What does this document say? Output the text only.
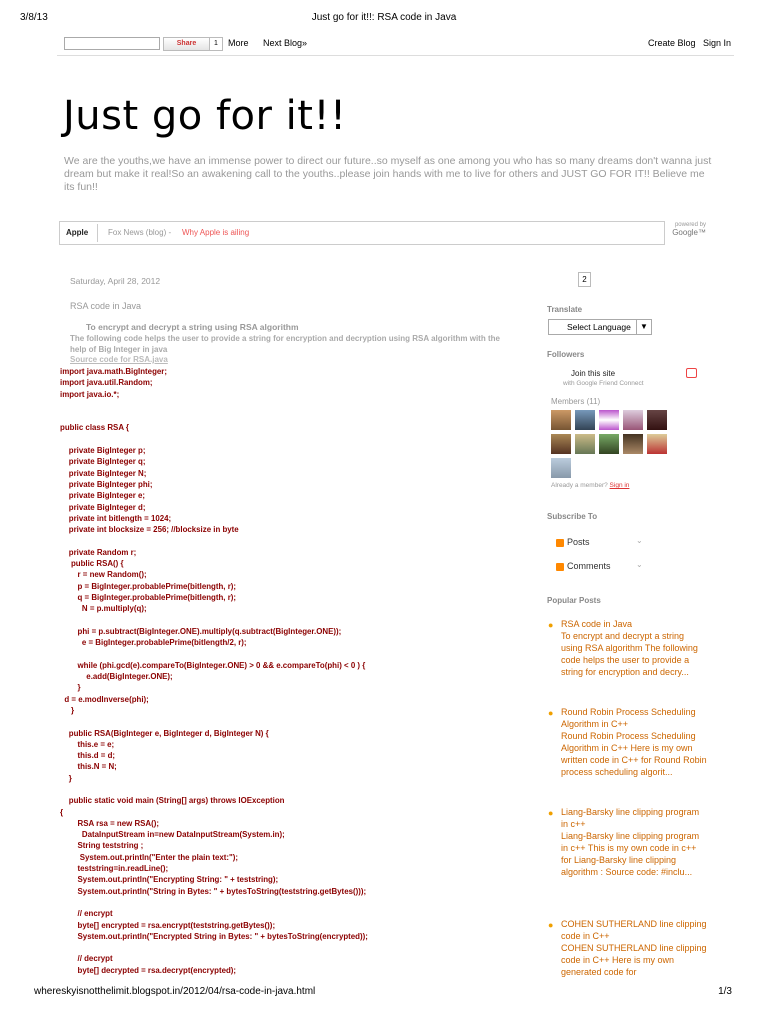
3/8/13	Just go for it!!: RSA code in Java
Share	1	More Next Blog»	Create Blog Sign In
Just go for it!!
We are the youths,we have an immense power to direct our future..so myself as one among you who has so many dreams don't wanna just dream but make it real!So an awakening call to the youths..please join hands with me to live for others and JUST GO FOR IT!! Believe me its fun!!
Apple Fox News (blog) - Why Apple is ailing
powered by
Google™
Saturday, April 28, 2012
RSA code in Java
To encrypt and decrypt a string using RSA algorithm
The following code helps the user to provide a string for encryption and decryption using RSA algorithm with the help of Big Integer in java
Source code for RSA.java
import java.math.BigInteger;
import java.util.Random;
import java.io.*;

public class RSA {

private BigInteger p;
private BigInteger q;
private BigInteger N;
private BigInteger phi;
private BigInteger e;
private BigInteger d;
private int bitlength = 1024;
private int blocksize = 256; //blocksize in byte

private Random r;
public RSA() {
r = new Random();
p = BigInteger.probablePrime(bitlength, r);
q = BigInteger.probablePrime(bitlength, r);
N = p.multiply(q);

phi = p.subtract(BigInteger.ONE).multiply(q.subtract(BigInteger.ONE));
e = BigInteger.probablePrime(bitlength/2, r);

while (phi.gcd(e).compareTo(BigInteger.ONE) > 0 && e.compareTo(phi) < 0 ) {
e.add(BigInteger.ONE);
}
d = e.modInverse(phi);
}

public RSA(BigInteger e, BigInteger d, BigInteger N) {
this.e = e;
this.d = d;
this.N = N;
}

public static void main (String[] args) throws IOException
{
RSA rsa = new RSA();
DataInputStream in=new DataInputStream(System.in);
String teststring ;
System.out.println("Enter the plain text:");
teststring=in.readLine();
System.out.println("Encrypting String: " + teststring);
System.out.println("String in Bytes: " + bytesToString(teststring.getBytes()));

// encrypt
byte[] encrypted = rsa.encrypt(teststring.getBytes());
System.out.println("Encrypted String in Bytes: " + bytesToString(encrypted));

// decrypt
byte[] decrypted = rsa.decrypt(encrypted);
2
Translate
Select Language	▼
Followers
Join this site
with Google Friend Connect
Members (11)
Already a member? Sign in
Subscribe To
Posts	⌄
Comments	⌄
Popular Posts
● RSA code in Java
To encrypt and decrypt a string using RSA algorithm The following code helps the user to provide a string for encryption and decry...
● Round Robin Process Scheduling Algorithm in C++
Round Robin Process Scheduling Algorithm in C++ Here is my own written code in C++ for Round Robin process scheduling algorit...
● Liang-Barsky line clipping program in c++
Liang-Barsky line clipping program in c++ This is my own code in c++ for Liang-Barsky line clipping algorithm : Source code: #inclu...
● COHEN SUTHERLAND line clipping code in C++
COHEN SUTHERLAND line clipping code in C++ Here is my own generated code for
whereskyisnotthelimit.blogspot.in/2012/04/rsa-code-in-java.html	1/3
